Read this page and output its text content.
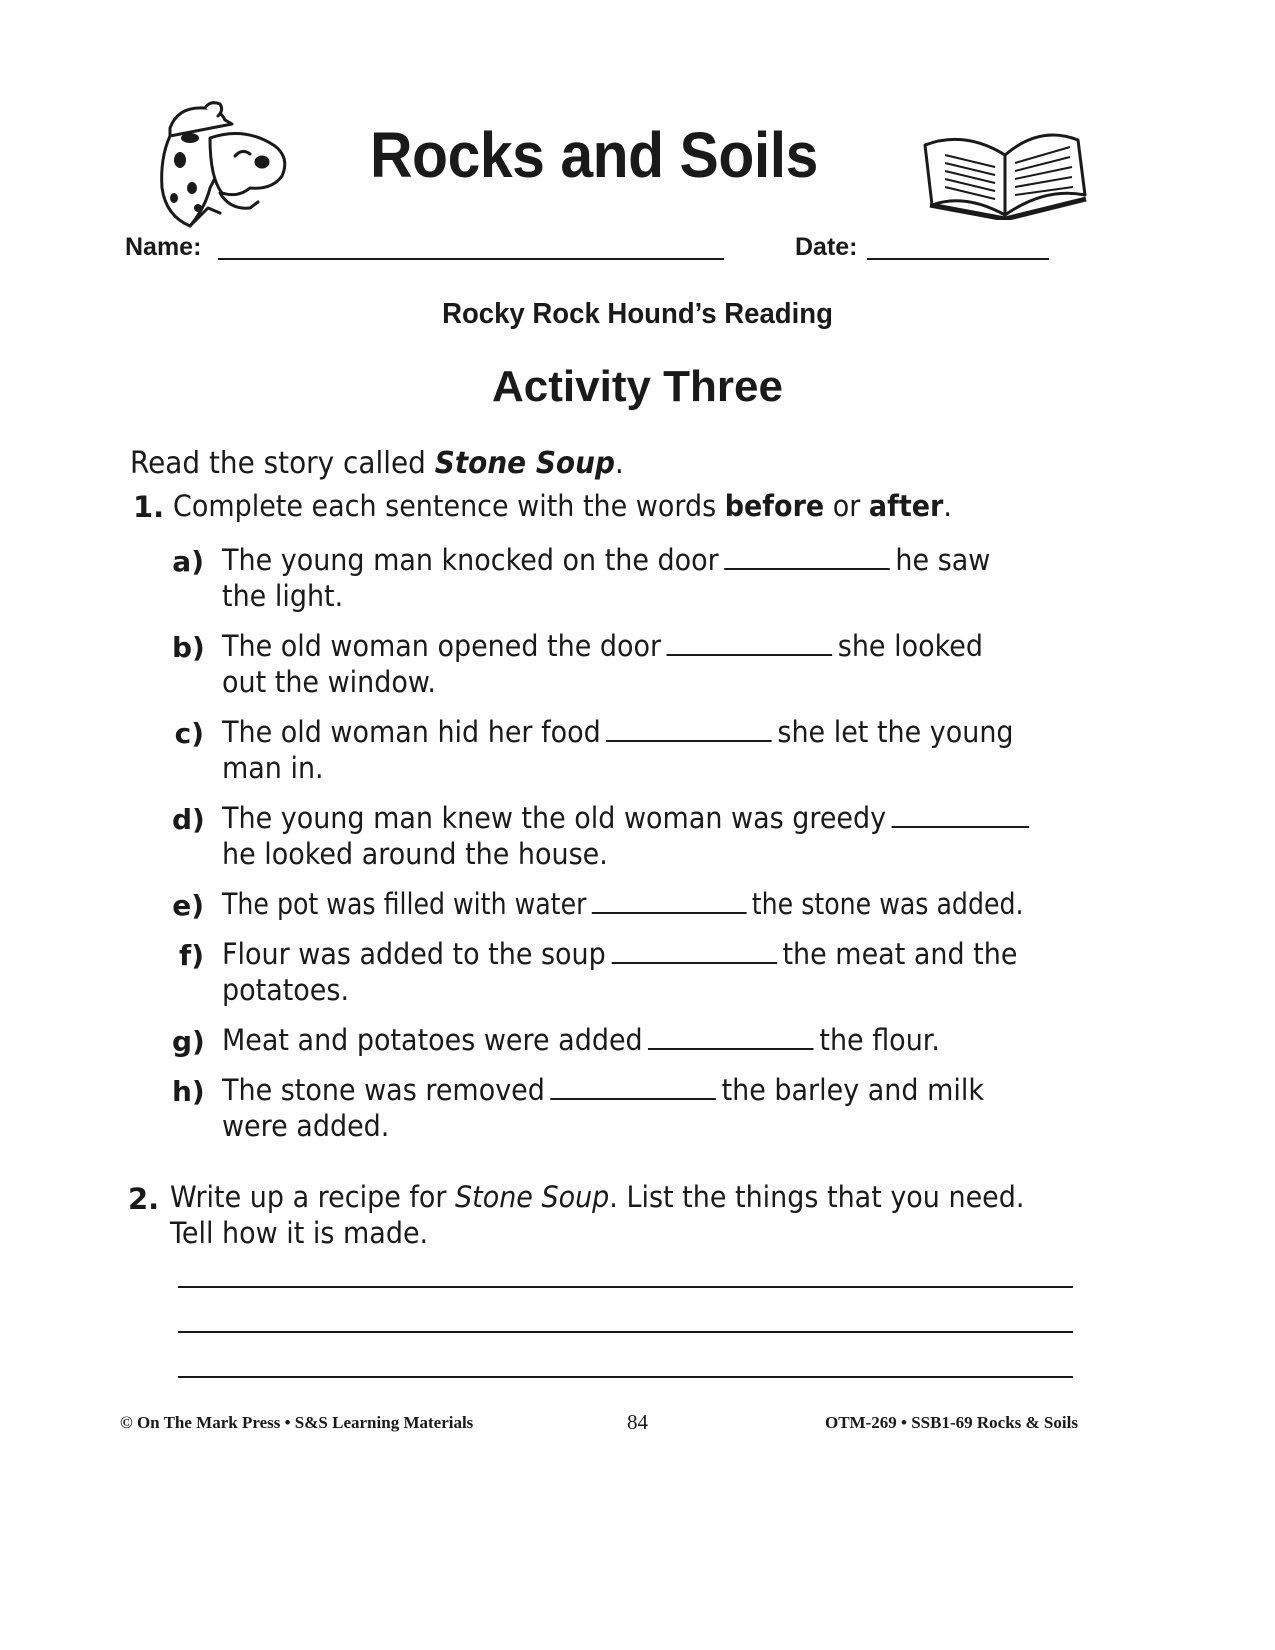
Rocks and Soils
Name:	Date:
Rocky Rock Hound’s Reading
Activity Three
Read the story called Stone Soup.
1. Complete each sentence with the words before or after.
a) The young man knocked on the door	he saw
the light.
b) The old woman opened the door	she looked
out the window.
c) The old woman hid her food	she let the young
man in.
d) The young man knew the old woman was greedy
he looked around the house.
e) The pot was filled with water	the stone was added.
f) Flour was added to the soup	the meat and the
potatoes.
g) Meat and potatoes were added	the flour.
h) The stone was removed	the barley and milk
were added.
2. Write up a recipe for Stone Soup. List the things that you need.
Tell how it is made.
© On The Mark Press • S&S Learning Materials	84	OTM-269 • SSB1-69 Rocks & Soils
